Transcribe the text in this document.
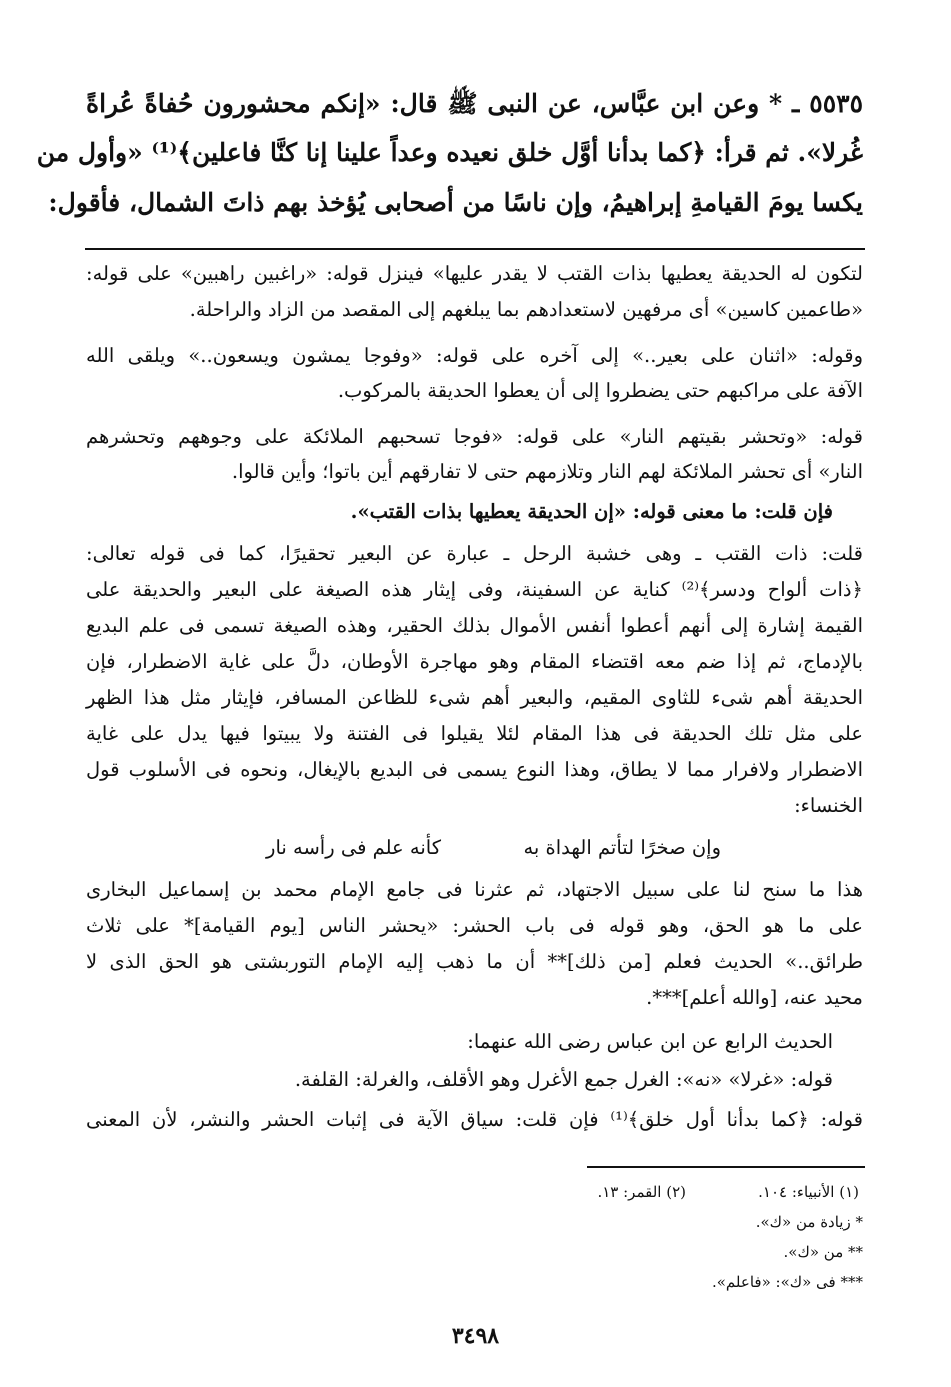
٥٥٣٥ ـ * وعن ابن عبَّاس، عن النبى ﷺ قال: «إنكم محشورون حُفاةً عُراةً
غُرلا». ثم قرأ: ﴿كما بدأنا أوَّل خلق نعيده وعداً علينا إنا كنَّا فاعلين﴾⁽¹⁾ «وأول من
يكسا يومَ القيامةِ إبراهيمُ، وإن ناسًا من أصحابى يُؤخذ بهم ذاتَ الشمال، فأقول:
لتكون له الحديقة يعطيها بذات القتب لا يقدر عليها» فينزل قوله: «راغبين راهبين» على قوله:
«طاعمين كاسين» أى مرفهين لاستعدادهم بما يبلغهم إلى المقصد من الزاد والراحلة.
وقوله: «اثنان على بعير..» إلى آخره على قوله: «وفوجا يمشون ويسعون..» ويلقى الله
الآفة على مراكبهم حتى يضطروا إلى أن يعطوا الحديقة بالمركوب.
قوله: «وتحشر بقيتهم النار» على قوله: «فوجا تسحبهم الملائكة على وجوههم وتحشرهم
النار» أى تحشر الملائكة لهم النار وتلازمهم حتى لا تفارقهم أين باتوا؛ وأين قالوا.
فإن قلت: ما معنى قوله: «إن الحديقة يعطيها بذات القتب».
قلت: ذات القتب ـ وهى خشبة الرحل ـ عبارة عن البعير تحقيرًا، كما فى قوله تعالى:
﴿ذات ألواح ودسر﴾⁽²⁾ كناية عن السفينة، وفى إيثار هذه الصيغة على البعير والحديقة على
القيمة إشارة إلى أنهم أعطوا أنفس الأموال بذلك الحقير، وهذه الصيغة تسمى فى علم البديع
بالإدماج، ثم إذا ضم معه اقتضاء المقام وهو مهاجرة الأوطان، دلَّ على غاية الاضطرار، فإن
الحديقة أهم شىء للثاوى المقيم، والبعير أهم شىء للظاعن المسافر، فإيثار مثل هذا الظهر
على مثل تلك الحديقة فى هذا المقام لئلا يقيلوا فى الفتنة ولا يبيتوا فيها يدل على غاية
الاضطرار ولافرار مما لا يطاق، وهذا النوع يسمى فى البديع بالإيغال، ونحوه فى الأسلوب قول
الخنساء:
وإن صخرًا لتأتم الهداة به
كأنه علم فى رأسه نار
هذا ما سنح لنا على سبيل الاجتهاد، ثم عثرنا فى جامع الإمام محمد بن إسماعيل البخارى
على ما هو الحق، وهو قوله فى باب الحشر: «يحشر الناس [يوم القيامة]* على ثلاث
طرائق..» الحديث فعلم [من ذلك]** أن ما ذهب إليه الإمام التوربشتى هو الحق الذى لا
محيد عنه، [والله أعلم]***.
الحديث الرابع عن ابن عباس رضى الله عنهما:
قوله: «غرلا» «نه»: الغرل جمع الأغرل وهو الأقلف، والغرلة: القلفة.
قوله: ﴿كما بدأنا أول خلق﴾⁽¹⁾ فإن قلت: سياق الآية فى إثبات الحشر والنشر، لأن المعنى
(١) الأنبياء: ١٠٤.
(٢) القمر: ١٣.
* زيادة من «ك».
** من «ك».
*** فى «ك»: «فاعلم».
٣٤٩٨
